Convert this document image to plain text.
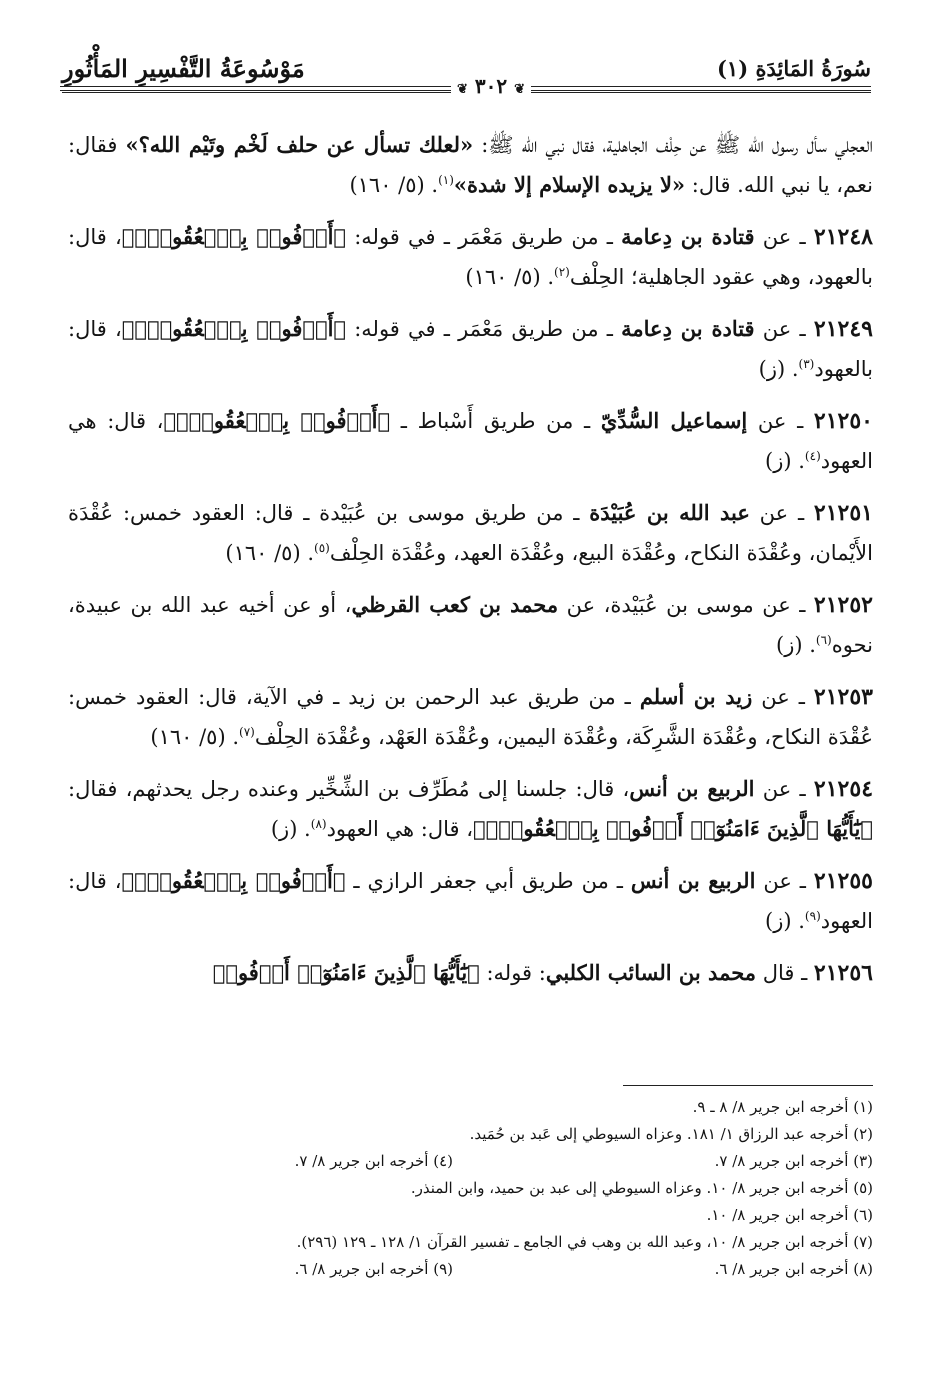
سُورَةُ المَائِدَةِ (١)
مَوْسُوعَةُ التَّفْسِيرِ المَأْثُورِ
❦ ٣٠٢ ❦

العجلي سأل رسول الله ﷺ عن حِلْف الجاهلية، فقال نبي الله ﷺ: «لعلك تسأل عن حلف لَخْم وتَيْم الله؟» فقال: نعم، يا نبي الله. قال: «لا يزيده الإسلام إلا شدة»$^{(١)}$. (٥/ ١٦٠)

٢١٢٤٨ ـ عن قتادة بن دِعامة ـ من طريق مَعْمَر ـ في قوله: ﴿أَوۡفُوا۟ بِٱلۡعُقُودِۚ﴾، قال: بالعهود، وهي عقود الجاهلية؛ الحِلْف$^{(٢)}$. (٥/ ١٦٠)

٢١٢٤٩ ـ عن قتادة بن دِعامة ـ من طريق مَعْمَر ـ في قوله: ﴿أَوۡفُوا۟ بِٱلۡعُقُودِۚ﴾، قال: بالعهود$^{(٣)}$. (ز)

٢١٢٥٠ ـ عن إسماعيل السُّدِّيّ ـ من طريق أَسْباط ـ ﴿أَوۡفُوا۟ بِٱلۡعُقُودِۚ﴾، قال: هي العهود$^{(٤)}$. (ز)

٢١٢٥١ ـ عن عبد الله بن عُبَيْدَة ـ من طريق موسى بن عُبَيْدة ـ قال: العقود خمس: عُقْدَة الأَيْمان، وعُقْدَة النكاح، وعُقْدَة البيع، وعُقْدَة العهد، وعُقْدَة الحِلْف$^{(٥)}$. (٥/ ١٦٠)

٢١٢٥٢ ـ عن موسى بن عُبَيْدة، عن محمد بن كعب القرظي، أو عن أخيه عبد الله بن عبيدة، نحوه$^{(٦)}$. (ز)

٢١٢٥٣ ـ عن زيد بن أسلم ـ من طريق عبد الرحمن بن زيد ـ في الآية، قال: العقود خمس: عُقْدَة النكاح، وعُقْدَة الشَّرِكَة، وعُقْدَة اليمين، وعُقْدَة العَهْد، وعُقْدَة الحِلْف$^{(٧)}$. (٥/ ١٦٠)

٢١٢٥٤ ـ عن الربيع بن أنس، قال: جلسنا إلى مُطَرِّف بن الشِّخِّير وعنده رجل يحدثهم، فقال: ﴿يَٰٓأَيُّهَا ٱلَّذِينَ ءَامَنُوٓا۟ أَوۡفُوا۟ بِٱلۡعُقُودِۚ﴾، قال: هي العهود$^{(٨)}$. (ز)

٢١٢٥٥ ـ عن الربيع بن أنس ـ من طريق أبي جعفر الرازي ـ ﴿أَوۡفُوا۟ بِٱلۡعُقُودِۚ﴾، قال: العهود$^{(٩)}$. (ز)

٢١٢٥٦ ـ قال محمد بن السائب الكلبي: قوله: ﴿يَٰٓأَيُّهَا ٱلَّذِينَ ءَامَنُوٓا۟ أَوۡفُوا۟

(١) أخرجه ابن جرير ٨/ ٨ ـ ٩.
(٢) أخرجه عبد الرزاق ١/ ١٨١. وعزاه السيوطي إلى عَبد بن حُمَيد.
(٣) أخرجه ابن جرير ٨/ ٧.
(٤) أخرجه ابن جرير ٨/ ٧.
(٥) أخرجه ابن جرير ٨/ ١٠. وعزاه السيوطي إلى عبد بن حميد، وابن المنذر.
(٦) أخرجه ابن جرير ٨/ ١٠.
(٧) أخرجه ابن جرير ٨/ ١٠، وعبد الله بن وهب في الجامع ـ تفسير القرآن ١/ ١٢٨ ـ ١٢٩ (٢٩٦).
(٨) أخرجه ابن جرير ٨/ ٦.
(٩) أخرجه ابن جرير ٨/ ٦.
